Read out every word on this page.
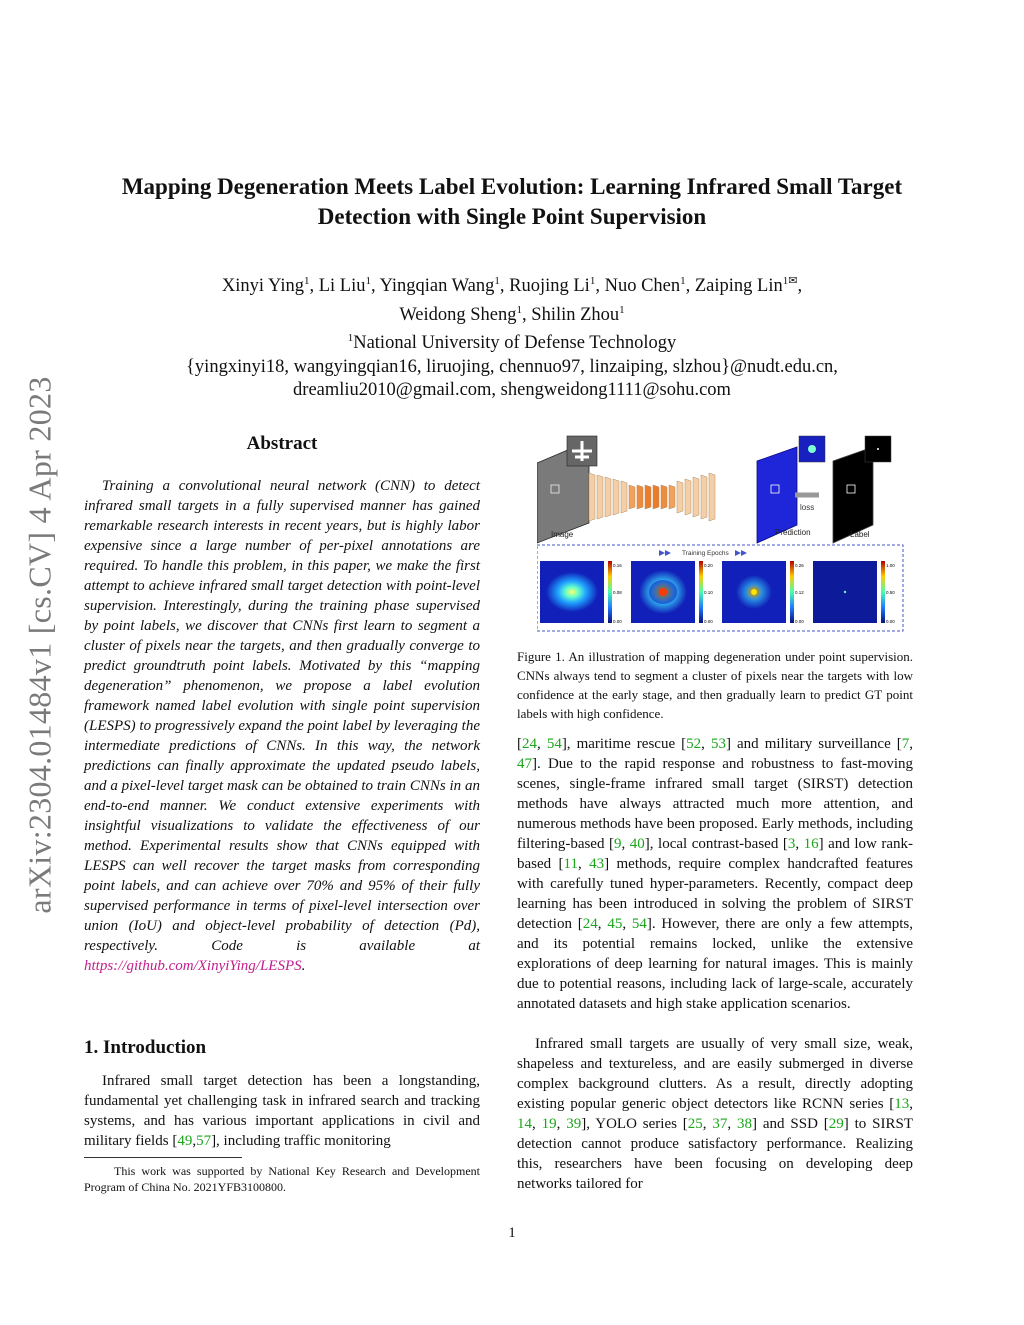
arXiv:2304.01484v1 [cs.CV] 4 Apr 2023
Mapping Degeneration Meets Label Evolution: Learning Infrared Small Target
Detection with Single Point Supervision
Xinyi Ying$^1$, Li Liu$^1$, Yingqian Wang$^1$, Ruojing Li$^1$, Nuo Chen$^1$, Zaiping Lin$^{1✉}$,
Weidong Sheng$^1$, Shilin Zhou$^1$
$^1$National University of Defense Technology
{yingxinyi18, wangyingqian16, liruojing, chennuo97, linzaiping, slzhou}@nudt.edu.cn,
dreamliu2010@gmail.com, shengweidong1111@sohu.com
Abstract

Training a convolutional neural network (CNN) to detect infrared small targets in a fully supervised manner has gained remarkable research interests in recent years, but is highly labor expensive since a large number of per-pixel annotations are required. To handle this problem, in this paper, we make the first attempt to achieve infrared small target detection with point-level supervision. Interestingly, during the training phase supervised by point labels, we discover that CNNs first learn to segment a cluster of pixels near the targets, and then gradually converge to predict groundtruth point labels. Motivated by this “mapping degeneration” phenomenon, we propose a label evolution framework named label evolution with single point supervision (LESPS) to progressively expand the point label by leveraging the intermediate predictions of CNNs. In this way, the network predictions can finally approximate the updated pseudo labels, and a pixel-level target mask can be obtained to train CNNs in an end-to-end manner. We conduct extensive experiments with insightful visualizations to validate the effectiveness of our method. Experimental results show that CNNs equipped with LESPS can well recover the target masks from corresponding point labels, and can achieve over 70% and 95% of their fully supervised performance in terms of pixel-level intersection over union (IoU) and object-level probability of detection (Pd), respectively. Code is available at https://github.com/XinyiYing/LESPS.

1. Introduction

Infrared small target detection has been a longstanding, fundamental yet challenging task in infrared search and tracking systems, and has various important applications in civil and military fields [49,57], including traffic monitoring

This work was supported by National Key Research and Development Program of China No. 2021YFB3100800.

loss
Image	Prediction	Label
Training Epochs
0.16
0.08
0.00
0.20
0.10
0.00
0.26
0.12
0.00
1.00
0.50
0.00

Figure 1. An illustration of mapping degeneration under point supervision. CNNs always tend to segment a cluster of pixels near the targets with low confidence at the early stage, and then gradually learn to predict GT point labels with high confidence.

[24, 54], maritime rescue [52, 53] and military surveillance [7, 47]. Due to the rapid response and robustness to fast-moving scenes, single-frame infrared small target (SIRST) detection methods have always attracted much more attention, and numerous methods have been proposed. Early methods, including filtering-based [9, 40], local contrast-based [3, 16] and low rank-based [11, 43] methods, require complex handcrafted features with carefully tuned hyper-parameters. Recently, compact deep learning has been introduced in solving the problem of SIRST detection [24, 45, 54]. However, there are only a few attempts, and its potential remains locked, unlike the extensive explorations of deep learning for natural images. This is mainly due to potential reasons, including lack of large-scale, accurately annotated datasets and high stake application scenarios.

Infrared small targets are usually of very small size, weak, shapeless and textureless, and are easily submerged in diverse complex background clutters. As a result, directly adopting existing popular generic object detectors like RCNN series [13, 14, 19, 39], YOLO series [25, 37, 38] and SSD [29] to SIRST detection cannot produce satisfactory performance. Realizing this, researchers have been focusing on developing deep networks tailored for

1
